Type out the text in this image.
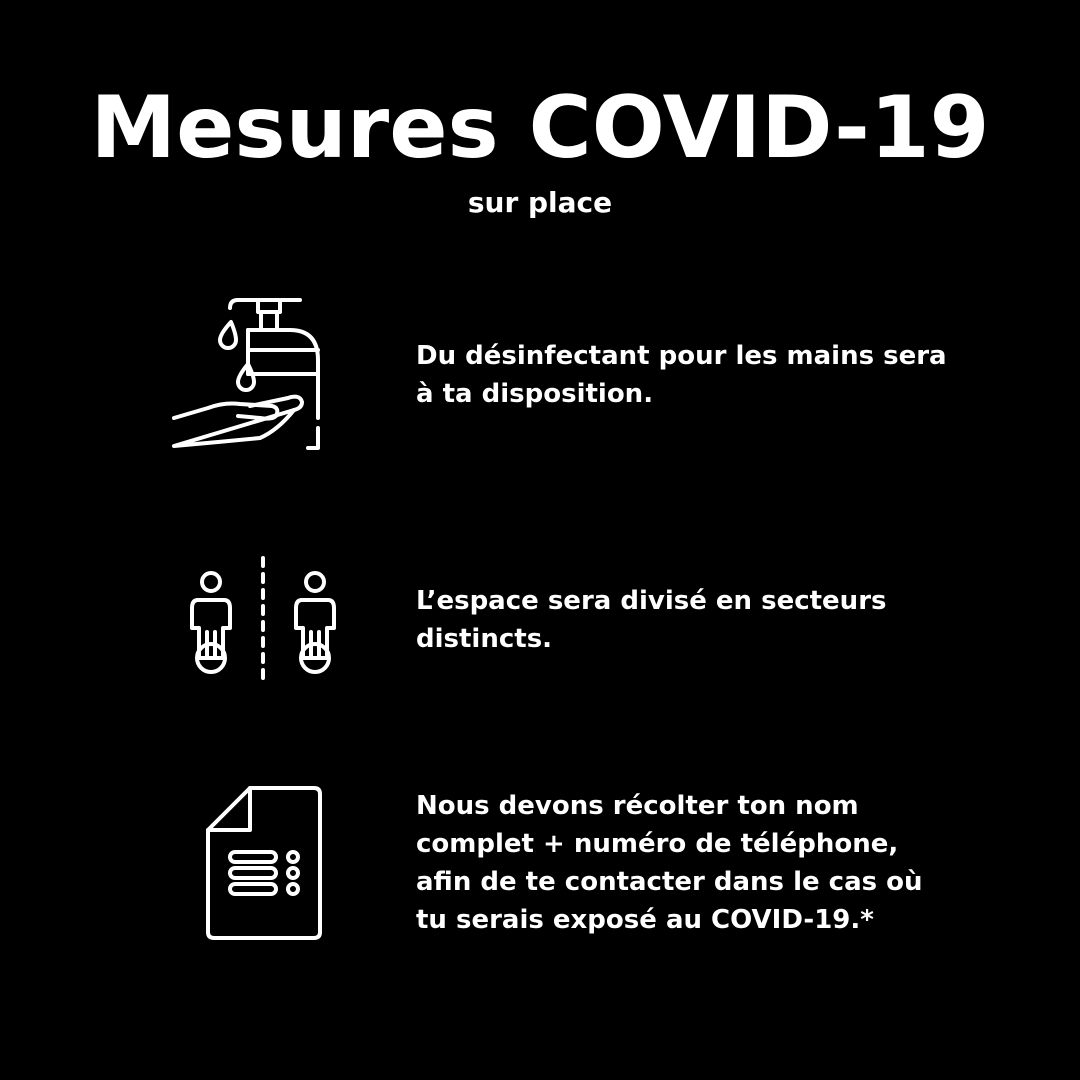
Mesures COVID-19

sur place

Du désinfectant pour les mains sera
à ta disposition.

L’espace sera divisé en secteurs
distincts.

Nous devons récolter ton nom
complet + numéro de téléphone,
afin de te contacter dans le cas où
tu serais exposé au COVID-19.*
